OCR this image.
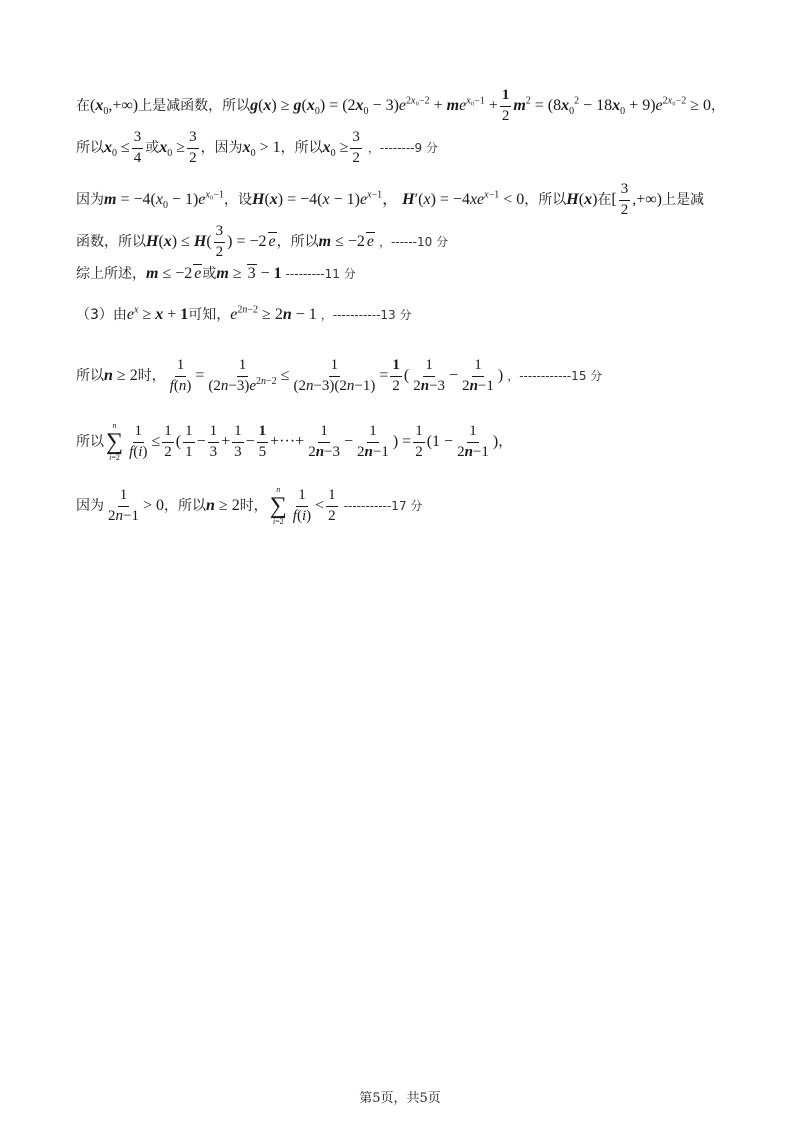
在 $(x_0,+\infty)$ 上是减函数，所以 $g(x) \ge g(x_0) = (2x_0 - 3)e^{2x_0-2} + me^{x_0-1} + \frac{1}{2} m^2 = (8x_0^2 - 18x_0 + 9)e^{2x_0-2} \ge 0$ ，
所以 $x_0 \le \frac{3}{4}$ 或 $x_0 \ge \frac{3}{2}$ ，因为 $x_0 > 1$ ，所以 $x_0 \ge \frac{3}{2}$ ，--------9 分
因为 $m = -4(x_0 - 1)e^{x_0-1}$ ，设 $H(x) = -4(x - 1)e^{x-1}$， $H'(x) = -4xe^{x-1} < 0$ ，所以 H(x) 在 [ $\frac{3}{2}$ ,+∞) 上是减
函数，所以 $H(x) \le H( \frac{3}{2}$ ) = −2 e ，所以 m ≤ −2 e ，------10 分
综上所述， m ≤ −2 e 或 m ≥ 3 − 1 ---------11 分
（3）由 $e^x \ge x + 1$ 可知， $e^{2n-2} \ge 2n - 1$ ，-----------13 分
所以 n ≥ 2 时， $\frac{1}{f(n)} = \frac{1}{(2n-3)e^{2n-2}} \le \frac{1}{(2n-3)(2n-1)} = \frac{1}{2}$ ( $\frac{1}{2n-3} - \frac{1}{2n-1}$ ) ，------------15 分
所以
n
∑
$i=2 \frac{1}{f(i)} \le \frac{1}{2}$ ( $\frac{1}{1} - \frac{1}{3} + \frac{1}{3} - \frac{1}{5}$ +···+ $\frac{1}{2n-3} - \frac{1}{2n-1}$ ) = $\frac{1}{2} (1 - \frac{1}{2n-1}$ ) ，
因为 $\frac{1}{2n-1} > 0$ ，所以 n ≥ 2 时，
n
∑
$i=2 \frac{1}{f(i)} < \frac{1}{2} -----------17$ 分
第5页，共5页
